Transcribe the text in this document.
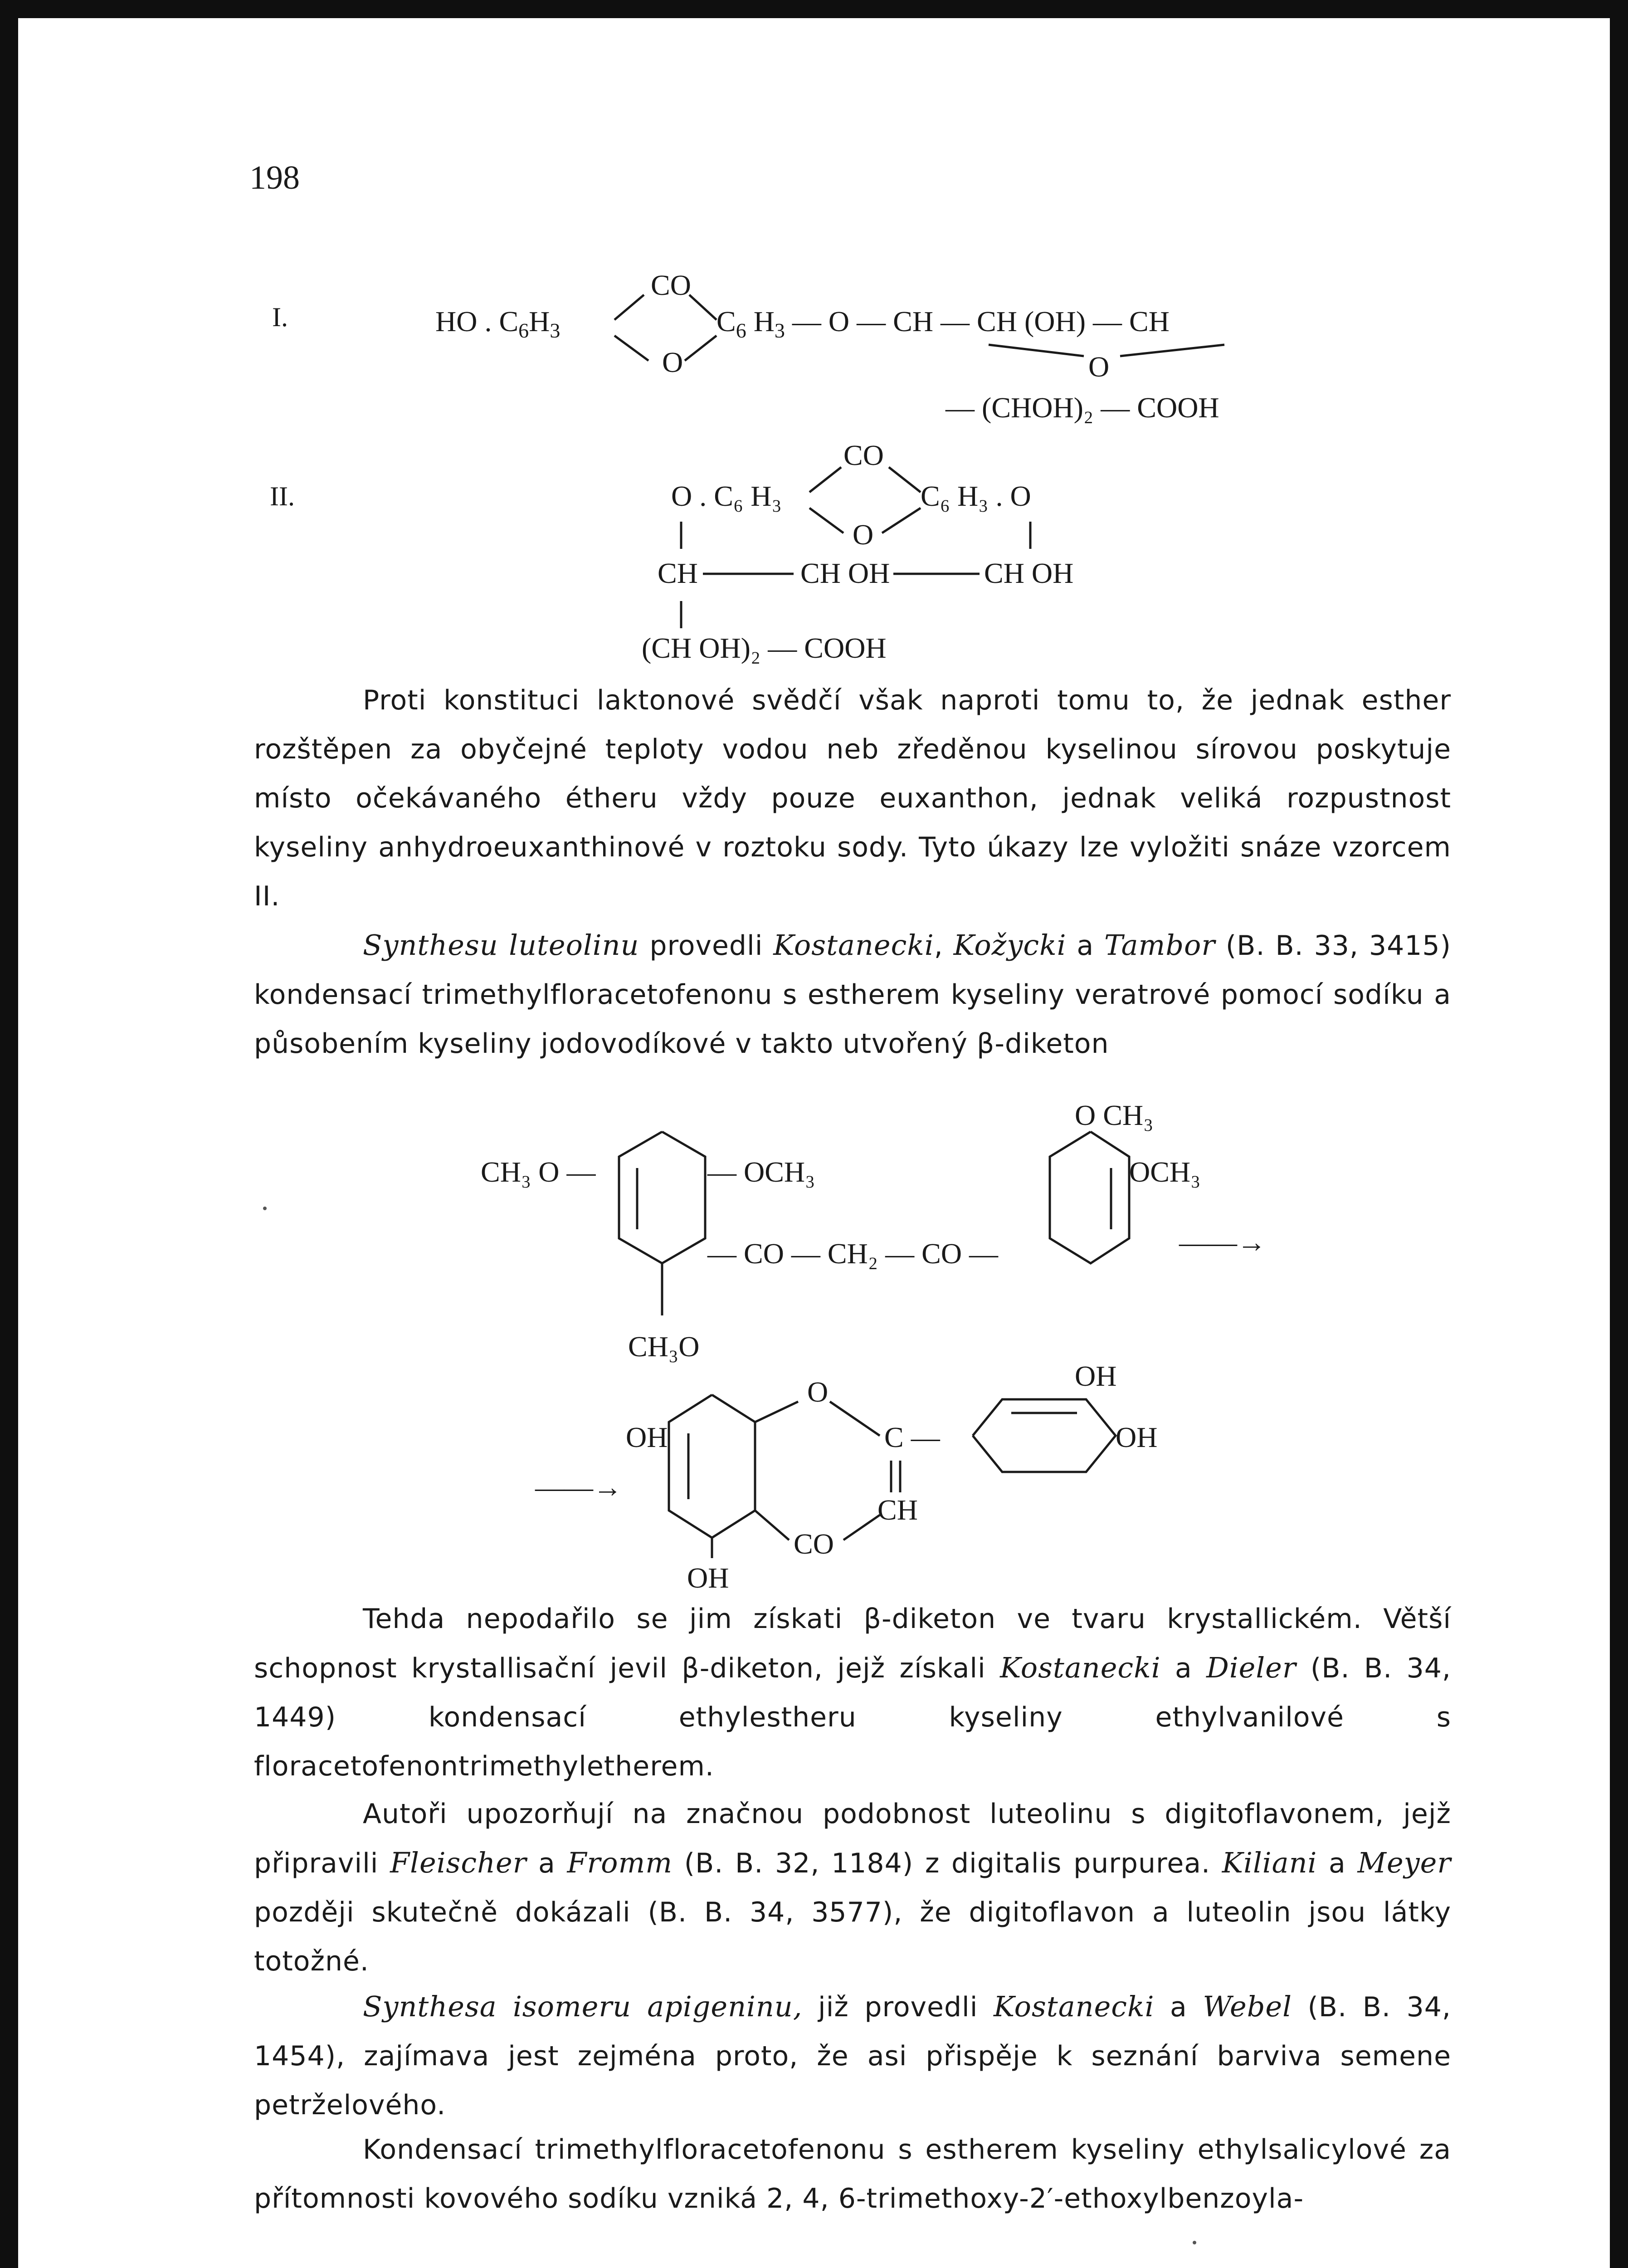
198
I.	HO . $C_6H_3$
CO
O
$C_6$ $H_3$ — O — CH — CH (OH) — CH
O
— (CHOH)₂ — COOH
II.
CO
O . C₆ H₃
O
C₆ H₃ . O
CH	CH OH	CH OH
(CH OH)₂ — COOH
Proti konstituci laktonové svědčí však naproti tomu to, že jednak esther rozštěpen za obyčejné teploty vodou neb zředěnou kyselinou sírovou poskytuje místo očekávaného étheru vždy pouze euxanthon, jednak veliká rozpustnost kyseliny anhydroeuxanthinové v roztoku sody. Tyto úkazy lze vyložiti snáze vzorcem II.
Synthesu luteolinu provedli Kostanecki, Kožycki a Tambor (B. B. 33, 3415) kondensací trimethylfloracetofenonu s estherem kyseliny veratrové pomocí sodíku a působením kyseliny jodovodíkové v takto utvořený β-diketon
CH₃ O —	— OCH₃
— CO — CH₂ — CO —
CH₃O
O CH₃
OCH₃
——→
——→
O
OH	C —
CH
CO
OH
OH
OH
Tehda nepodařilo se jim získati β-diketon ve tvaru krystallickém. Větší schopnost krystallisační jevil β-diketon, jejž získali Kostanecki a Dieler (B. B. 34, 1449) kondensací ethylestheru kyseliny ethylvanilové s floracetofenontrimethyletherem.
Autoři upozorňují na značnou podobnost luteolinu s digitoflavonem, jejž připravili Fleischer a Fromm (B. B. 32, 1184) z digitalis purpurea. Kiliani a Meyer později skutečně dokázali (B. B. 34, 3577), že digitoflavon a luteolin jsou látky totožné.
Synthesa isomeru apigeninu, již provedli Kostanecki a Webel (B. B. 34, 1454), zajímava jest zejména proto, že asi přispěje k seznání barviva semene petrželového.
Kondensací trimethylfloracetofenonu s estherem kyseliny ethylsalicylové za přítomnosti kovového sodíku vzniká 2, 4, 6-trimethoxy-2′-ethoxylbenzoyla-
